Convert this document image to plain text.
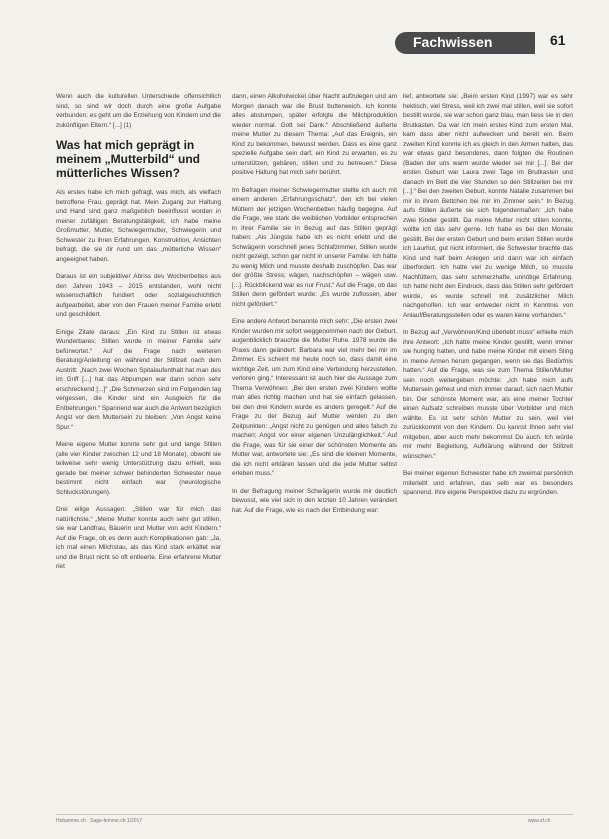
Fachwissen	61

Wenn auch die kulturellen Unterschiede offensichtlich sind, so sind wir doch durch eine große Aufgabe verbunden: es geht um die Erziehung von Kindern und die zukünftigen Eltern.“ [...] (1)

Was hat mich geprägt in meinem „Mutterbild“ und mütterliches Wissen?

Als erstes habe ich mich gefragt, was mich, als vielfach betroffene Frau, geprägt hat. Mein Zugang zur Haltung und Hand sind ganz maßgeblich beeinflusst worden in meiner zufälligen Beratungstätigkeit, ich habe meine Großmutter, Mutter, Schwiegermutter, Schwiegerin und Schwester zu ihren Erfahrungen, Konstruktion, Ansichten befragt, die sie dir rund um das „mütterliche Wissen“ angeeignet haben.

Daraus ist ein subjektiver Abriss des Wochenbettes aus den Jahren 1943 – 2015 entstanden, wohl nicht wissenschaftlich fundiert oder sozialgeschichtlich aufgearbeitet, aber von den Frauen meiner Familie erlebt und geschildert.

Einige Zitate daraus: „Ein Kind zu Stillen ist etwas Wunderbares; Stillen wurde in meiner Familie sehr befürwortet.“ Auf die Frage nach weiteren Beratung/Anleitung en während der Stillzeit nach dem Austritt: „Nach zwei Wochen Spitalaufenthalt hat man des im Griff [...] hat das Abpumpen war dann schon sehr erschreckend [...]“ „Die Schmerzen sind im Folgenden tag vergessen, die Kinder sind ein Ausgleich für die Entbehrungen.“ Spannend war auch die Antwort bezüglich Angst vor dem Muttersein zu bleiben: „Von Angst keine Spur.“

Meine eigene Mutter konnte sehr gut und lange Stillen (alle vier Kinder zwischen 12 und 18 Monate), obwohl sie teilweise sehr wenig Unterstützung dazu erhielt, was gerade bei meiner schwer behinderten Schwester neue bestimmt nicht einfach war (neurologische Schluckstörungen).

Drei eilige Aussagen: „Stillen war für mich das natürlichste.“ „Meine Mutter konnte auch sehr gut stillen, sie war Landfrau, Bäuerin und Mutter von acht Kindern.“ Auf die Frage, ob es denn auch Komplikationen gab: „Ja, ich mal einen Milchstau, als das Kind stark erkältet war und die Brust nicht so oft entleerte. Eine erfahrene Mutter riet

dann, einen Alkoholwickel über Nacht aufzulegen und am Morgen danach war die Brust butterweich. Ich konnte alles abstumpen, später erfolgte die Milchproduktion wieder normal. Gott sei Dank.“ Abschließend äußerte meine Mutter zu diesem Thema: „Auf das Ereignis, ein Kind zu bekommen, bewusst werden. Dass es eine ganz spezielle Aufgabe sein darf, ein Kind zu erwarten, es zu unterstützen, gebären, stillen und zu betreuen.“ Diese positive Haltung hat mich sehr berührt.

Im Befragen meiner Schwiegermutter stellte ich auch mit einem anderen „Erfahrungsschatz“, den ich bei vielen Müttern der jetzigen Wochenbetten häufig begegne. Auf die Frage, wie stark die weiblichen Vorbilder entsprechen in ihrer Familie sie in Bezug auf das Stillen geprägt haben: „Als Jüngste habe ich es nicht erlebt und die Schwägerin vorschnell jenes Schlafzimmer, Stillen wurde nicht gezeigt, schon gar nicht in unserer Familie. Ich hatte zu wenig Milch und musste deshalb zuschöpfen. Das war der größte Stress; wägen, nachschöpfen – wägen usw. [...]. Rückblickend war es nur Frust.“ Auf die Frage, ob das Stillen denn gefördert wurde: „Es wurde zuflossen, aber nicht gefördert.“

Eine andere Antwort benannte mich sehr: „Die ersten zwei Kinder wurden mir sofort weggenommen nach der Geburt, augenblicklich brauchte die Mutter Ruhe. 1978 wurde die Praxis dann geändert: Barbara war viel mehr bei mir im Zimmer. Es scheint mir heute noch so, dass damit eine wichtige Zeit, um zum Kind eine Verbindung herzustellen, verloren ging.“ Interessant ist auch hier die Aussage zum Thema Verwöhnen: „Bei den ersten zwei Kindern wollte man alles richtig machen und hat sie einfach gelassen, bei den drei Kindern wurde es anders geregelt.“ Auf die Frage zu der Bezug auf Mutter werden zu den Zeitpunkten: „Angst nicht zu genügen und alles falsch zu machen; Angst vor einer eigenen Unzulänglichkeit.“ Auf die Frage, was für sie einer der schönsten Momente als Mutter war, antwortete sie: „Es sind die kleinen Momente, die ich nicht erklären lassen und die jede Mutter selbst erleben muss.“

In der Befragung meiner Schwägerin wurde mir deutlich bewusst, wie viel sich in den letzten 10 Jahren verändert hat. Auf die Frage, wie es nach der Entbindung war:

lief, antwortete sie: „Beim ersten Kind (1997) war es sehr hektisch, viel Stress, weil ich zwei mal stillen, weil sie sofort bestillt wurde, sie war schon ganz blau, man liess sie in den Brutkasten. Da war ich mein erstes Kind zum ersten Mal, kam dass aber nicht aufwecken und bereit ein. Beim zweiten Kind konnte ich es gleich in den Armen halten, das war etwas ganz besonderes, dann folgten die Routinen (Baden der uns warm wurde wieder sei mir [...]. Bei der ersten Geburt war Laura zwei Tage im Brutkasten und danach im Bett die vier Stunden so den Stillzeiten bei mir [...].“ Bei den zweiten Geburt, konnte Natalie zusammen bei mir in ihrem Bettchen bei mir im Zimmer sein.“ In Bezug aufs Stillen äußerte sie sich folgendermaßen: „Ich habe zwei Kinder gestillt. Da meine Mutter nicht stillen konnte, wollte ich das sehr gerne. Ich habe es bei den Monate gestillt. Bei der ersten Geburt und beim ersten Stillen wurde ich Laurhut, gut nicht informiert, die Schwester brachte das Kind und half beim Anlegen und dann war ich einfach überfordert. Ich hatte viel zu wenige Milch, so musste Nachfüttern, das sehr schmerzhafte, unnötige Erfahrung. Ich hatte nicht den Eindruck, dass das Stillen sehr gefördert wurde, es wurde schnell mit zusätzlicher Milch nachgeholfen. Ich war entweder nicht in Kenntnis von Anlauf/Beratungsstellen oder es waren keine vorhanden.“

In Bezug auf „Verwöhnen/Kind überlebt muss“ erhielte mich ihre Antwort: „Ich hatte meine Kinder gestillt, wenn immer sie hungrig hatten, und habe meine Kinder mit einem Sling in meine Armen herum gegangen, wenn sie das Bedürfnis hatten.“ Auf die Frage, was sie zum Thema Stillen/Mutter sein noch weitergeben möchte: „Ich habe mich aufs Muttersein gefreut und mich immer darauf, sich nach Mutter bin. Der schönste Moment war, als eine meiner Tochter einen Aufsatz schreiben musste über Vorbilder und mich wählte. Es ist sehr schön Mutter zu sein, weil viel zurückkommt von den Kindern. Du kannst Ihnen sehr viel mitgeben, aber auch mehr bekommst Du auch. Ich würde mir mehr Begleitung, Aufklärung während der Stillzeit wünschen.“

Bei meiner eigenen Schwester habe ich zweimal persönlich miterlebt und erfahren, das selb war es besonders spannend. Ihre eigene Perspektive dazu zu ergründen.

Hebamme.ch · Sage-femme.ch 1/2017	www.sf.ch
